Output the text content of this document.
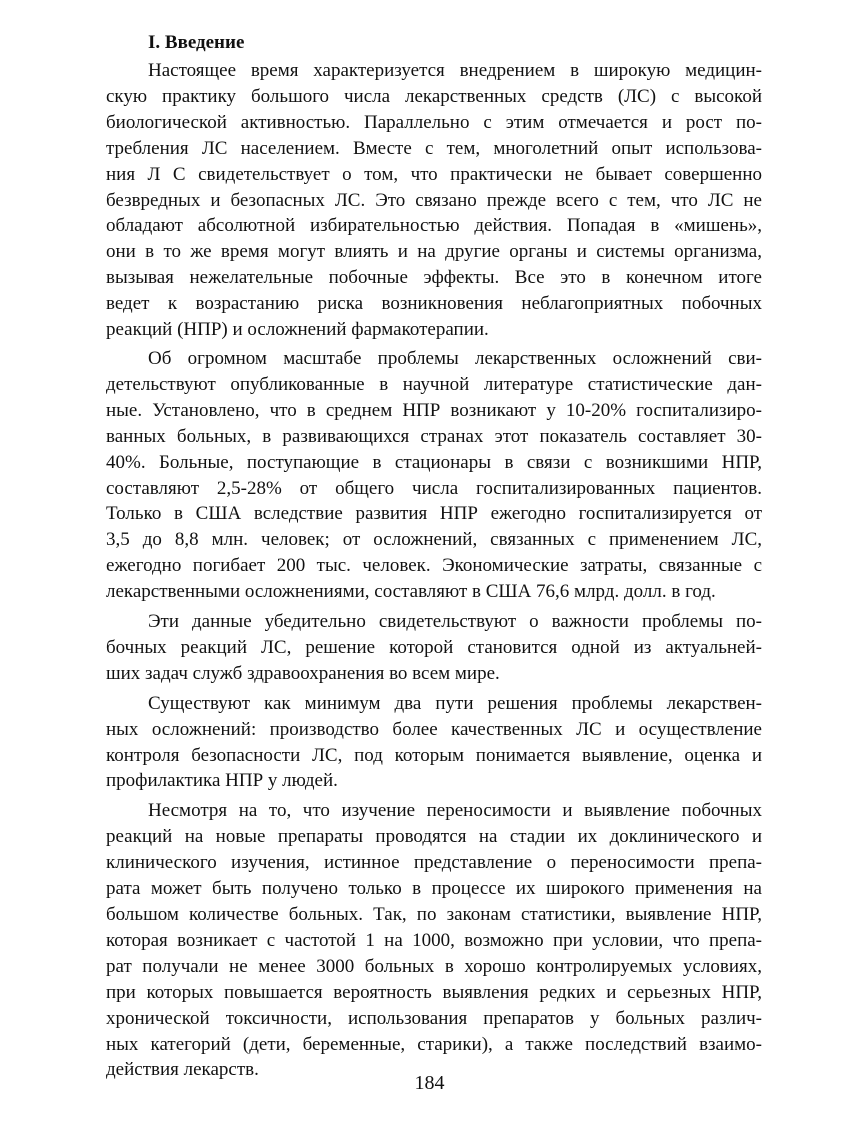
I. Введение

Настоящее время характеризуется внедрением в широкую медицин-
скую практику большого числа лекарственных средств (ЛС) с высокой
биологической активностью. Параллельно с этим отмечается и рост по-
требления ЛС населением. Вместе с тем, многолетний опыт использова-
ния Л С свидетельствует о том, что практически не бывает совершенно
безвредных и безопасных ЛС. Это связано прежде всего с тем, что ЛС не
обладают абсолютной избирательностью действия. Попадая в «мишень»,
они в то же время могут влиять и на другие органы и системы организма,
вызывая нежелательные побочные эффекты. Все это в конечном итоге
ведет к возрастанию риска возникновения неблагоприятных побочных
реакций (НПР) и осложнений фармакотерапии.

Об огромном масштабе проблемы лекарственных осложнений сви-
детельствуют опубликованные в научной литературе статистические дан-
ные. Установлено, что в среднем НПР возникают у 10-20% госпитализиро-
ванных больных, в развивающихся странах этот показатель составляет 30-
40%. Больные, поступающие в стационары в связи с возникшими НПР,
составляют 2,5-28% от общего числа госпитализированных пациентов.
Только в США вследствие развития НПР ежегодно госпитализируется от
3,5 до 8,8 млн. человек; от осложнений, связанных с применением ЛС,
ежегодно погибает 200 тыс. человек. Экономические затраты, связанные с
лекарственными осложнениями, составляют в США 76,6 млрд. долл. в год.

Эти данные убедительно свидетельствуют о важности проблемы по-
бочных реакций ЛС, решение которой становится одной из актуальней-
ших задач служб здравоохранения во всем мире.

Существуют как минимум два пути решения проблемы лекарствен-
ных осложнений: производство более качественных ЛС и осуществление
контроля безопасности ЛС, под которым понимается выявление, оценка и
профилактика НПР у людей.

Несмотря на то, что изучение переносимости и выявление побочных
реакций на новые препараты проводятся на стадии их доклинического и
клинического изучения, истинное представление о переносимости препа-
рата может быть получено только в процессе их широкого применения на
большом количестве больных. Так, по законам статистики, выявление НПР,
которая возникает с частотой 1 на 1000, возможно при условии, что препа-
рат получали не менее 3000 больных в хорошо контролируемых условиях,
при которых повышается вероятность выявления редких и серьезных НПР,
хронической токсичности, использования препаратов у больных различ-
ных категорий (дети, беременные, старики), а также последствий взаимо-
действия лекарств.

184
